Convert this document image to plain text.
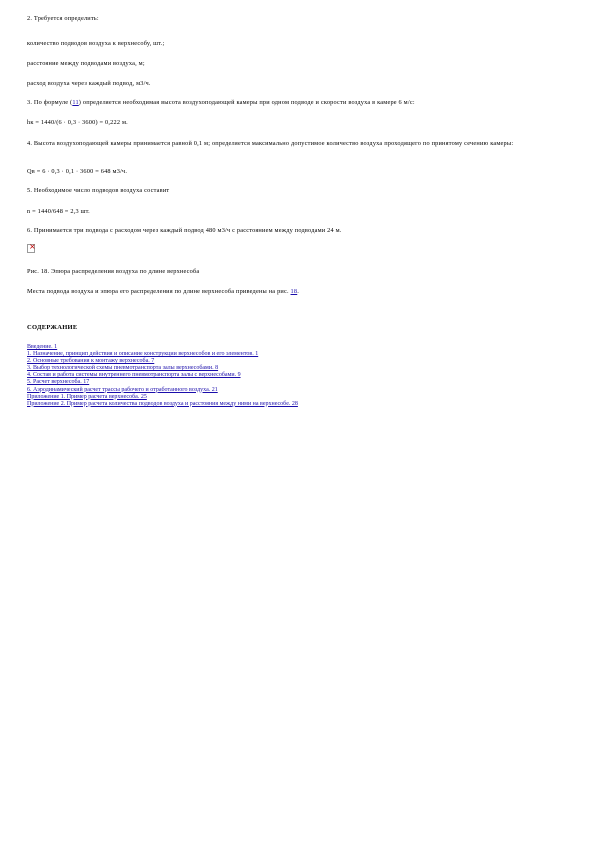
2. Требуется определить:
количество подводов воздуха к верхнесобу, шт.;
расстояние между подводами воздуха, м;
расход воздуха через каждый подвод, м3/ч.
3. По формуле (11) определяется необходимая высота воздухоподающей камеры при одном подводе и скорости воздуха в камере 6 м/с:
hк = 1440/(6 · 0,3 · 3600) = 0,222 м.
4. Высота воздухоподающей камеры принимается равной 0,1 м; определяется максимально допустимое количество воздуха проходящего по принятому сечению камеры:
Qв = 6 · 0,3 · 0,1 · 3600 = 648 м3/ч.
5. Необходимое число подводов воздуха составит
n = 1440/648 = 2,3 шт.
6. Принимается три подвода с расходом через каждый подвод 480 м3/ч с расстоянием между подводами 24 м.
×
Рис. 18. Эпюра распределения воздуха по длине верхнесобa
Места подвода воздуха и эпюра его распределения по длине верхнесобa приведены на рис. 18.
СОДЕРЖАНИЕ
Введение. 1
1. Назначение, принцип действия и описание конструкции верхнесобов и его элементов. 1
2. Основные требования к монтажу верхнесобa. 7
3. Выбор технологической схемы пневмотранспорта залы верхнесобами. 8
4. Состав и работа системы внутреннего пневмотранспорта залы с верхнесобами. 9
5. Расчет верхнесобa. 17
6. Аэродинамический расчет трассы рабочего и отработанного воздуха. 21
Приложение 1. Пример расчета верхнесобa. 25
Приложение 2. Пример расчета количества подводов воздуха и расстояния между ними на верхнесобe. 28
